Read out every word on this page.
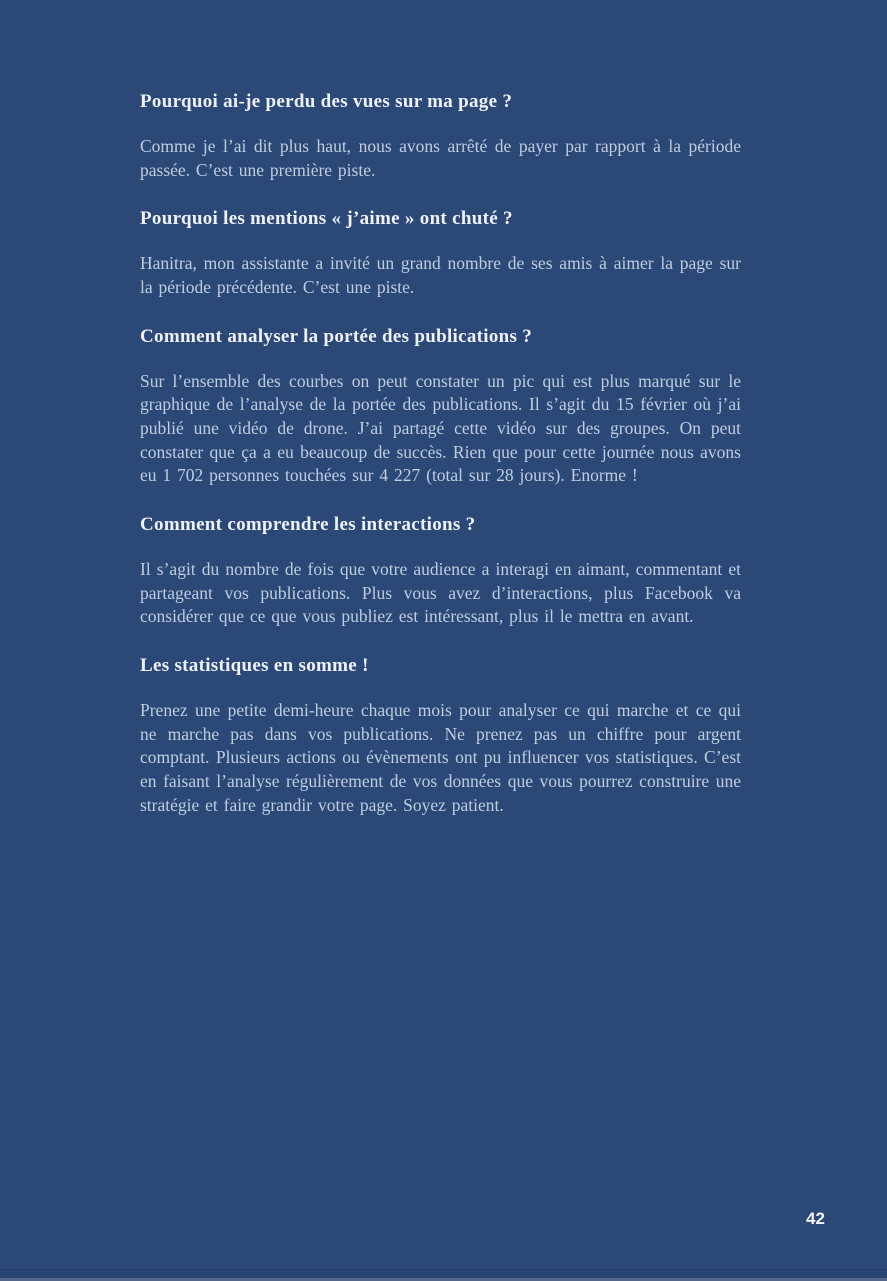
Pourquoi ai-je perdu des vues sur ma page ?

Comme je l’ai dit plus haut, nous avons arrêté de payer par rapport à la période passée. C’est une première piste.

Pourquoi les mentions « j’aime » ont chuté ?

Hanitra, mon assistante a invité un grand nombre de ses amis à aimer la page sur la période précédente. C’est une piste.

Comment analyser la portée des publications ?

Sur l’ensemble des courbes on peut constater un pic qui est plus marqué sur le graphique de l’analyse de la portée des publications. Il s’agit du 15 février où j’ai publié une vidéo de drone. J’ai partagé cette vidéo sur des groupes. On peut constater que ça a eu beaucoup de succès. Rien que pour cette journée nous avons eu 1 702 personnes touchées sur 4 227 (total sur 28 jours). Enorme !

Comment comprendre les interactions ?

Il s’agit du nombre de fois que votre audience a interagi en aimant, commentant et partageant vos publications. Plus vous avez d’interactions, plus Facebook va considérer que ce que vous publiez est intéressant, plus il le mettra en avant.

Les statistiques en somme !

Prenez une petite demi-heure chaque mois pour analyser ce qui marche et ce qui ne marche pas dans vos publications. Ne prenez pas un chiffre pour argent comptant. Plusieurs actions ou évènements ont pu influencer vos statistiques. C’est en faisant l’analyse régulièrement de vos données que vous pourrez construire une stratégie et faire grandir votre page. Soyez patient.

42
